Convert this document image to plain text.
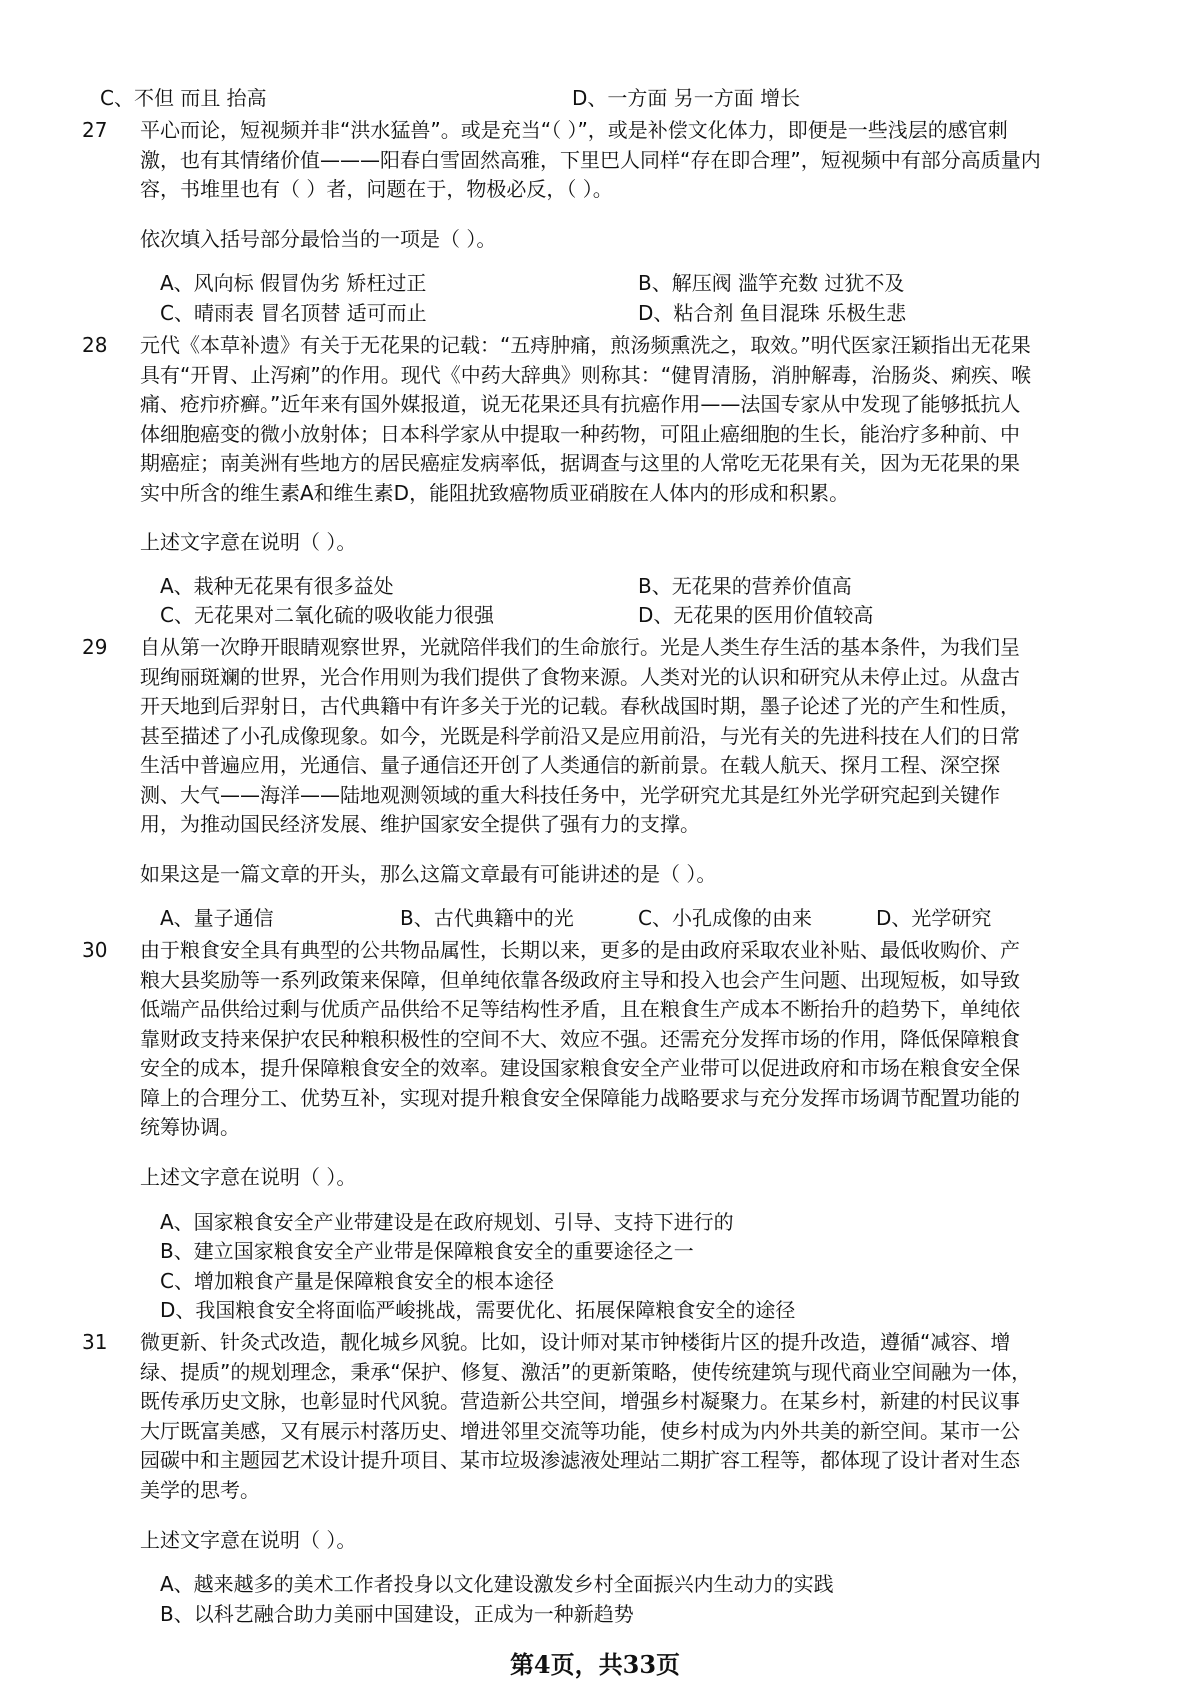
C、不但 而且 抬高	D、一方面 另一方面 增长
27 平心而论，短视频并非“洪水猛兽”。或是充当“（ ）”，或是补偿文化体力，即便是一些浅层的感官刺
激，也有其情绪价值———阳春白雪固然高雅，下里巴人同样“存在即合理”，短视频中有部分高质量内
容，书堆里也有（ ）者，问题在于，物极必反，（ ）。
依次填入括号部分最恰当的一项是（ ）。
A、风向标 假冒伪劣 矫枉过正	B、解压阀 滥竽充数 过犹不及
C、晴雨表 冒名顶替 适可而止	D、粘合剂 鱼目混珠 乐极生悲
28 元代《本草补遗》有关于无花果的记载：“五痔肿痛，煎汤频熏洗之，取效。”明代医家汪颖指出无花果
具有“开胃、止泻痢”的作用。现代《中药大辞典》则称其：“健胃清肠，消肿解毒，治肠炎、痢疾、喉
痛、疮疖疥癣。”近年来有国外媒报道，说无花果还具有抗癌作用——法国专家从中发现了能够抵抗人
体细胞癌变的微小放射体；日本科学家从中提取一种药物，可阻止癌细胞的生长，能治疗多种前、中
期癌症；南美洲有些地方的居民癌症发病率低，据调查与这里的人常吃无花果有关，因为无花果的果
实中所含的维生素A和维生素D，能阻扰致癌物质亚硝胺在人体内的形成和积累。
上述文字意在说明（ ）。
A、栽种无花果有很多益处	B、无花果的营养价值高
C、无花果对二氧化硫的吸收能力很强	D、无花果的医用价值较高
29 自从第一次睁开眼睛观察世界，光就陪伴我们的生命旅行。光是人类生存生活的基本条件，为我们呈
现绚丽斑斓的世界，光合作用则为我们提供了食物来源。人类对光的认识和研究从未停止过。从盘古
开天地到后羿射日，古代典籍中有许多关于光的记载。春秋战国时期，墨子论述了光的产生和性质，
甚至描述了小孔成像现象。如今，光既是科学前沿又是应用前沿，与光有关的先进科技在人们的日常
生活中普遍应用，光通信、量子通信还开创了人类通信的新前景。在载人航天、探月工程、深空探
测、大气——海洋——陆地观测领域的重大科技任务中，光学研究尤其是红外光学研究起到关键作
用，为推动国民经济发展、维护国家安全提供了强有力的支撑。
如果这是一篇文章的开头，那么这篇文章最有可能讲述的是（ ）。
A、量子通信	B、古代典籍中的光	C、小孔成像的由来	D、光学研究
30 由于粮食安全具有典型的公共物品属性，长期以来，更多的是由政府采取农业补贴、最低收购价、产
粮大县奖励等一系列政策来保障，但单纯依靠各级政府主导和投入也会产生问题、出现短板，如导致
低端产品供给过剩与优质产品供给不足等结构性矛盾，且在粮食生产成本不断抬升的趋势下，单纯依
靠财政支持来保护农民种粮积极性的空间不大、效应不强。还需充分发挥市场的作用，降低保障粮食
安全的成本，提升保障粮食安全的效率。建设国家粮食安全产业带可以促进政府和市场在粮食安全保
障上的合理分工、优势互补，实现对提升粮食安全保障能力战略要求与充分发挥市场调节配置功能的
统筹协调。
上述文字意在说明（ ）。
A、国家粮食安全产业带建设是在政府规划、引导、支持下进行的
B、建立国家粮食安全产业带是保障粮食安全的重要途径之一
C、增加粮食产量是保障粮食安全的根本途径
D、我国粮食安全将面临严峻挑战，需要优化、拓展保障粮食安全的途径
31 微更新、针灸式改造，靓化城乡风貌。比如，设计师对某市钟楼街片区的提升改造，遵循“减容、增
绿、提质”的规划理念，秉承“保护、修复、激活”的更新策略，使传统建筑与现代商业空间融为一体，
既传承历史文脉，也彰显时代风貌。营造新公共空间，增强乡村凝聚力。在某乡村，新建的村民议事
大厅既富美感，又有展示村落历史、增进邻里交流等功能，使乡村成为内外共美的新空间。某市一公
园碳中和主题园艺术设计提升项目、某市垃圾渗滤液处理站二期扩容工程等，都体现了设计者对生态
美学的思考。
上述文字意在说明（ ）。
A、越来越多的美术工作者投身以文化建设激发乡村全面振兴内生动力的实践
B、以科艺融合助力美丽中国建设，正成为一种新趋势
第4页，共33页
